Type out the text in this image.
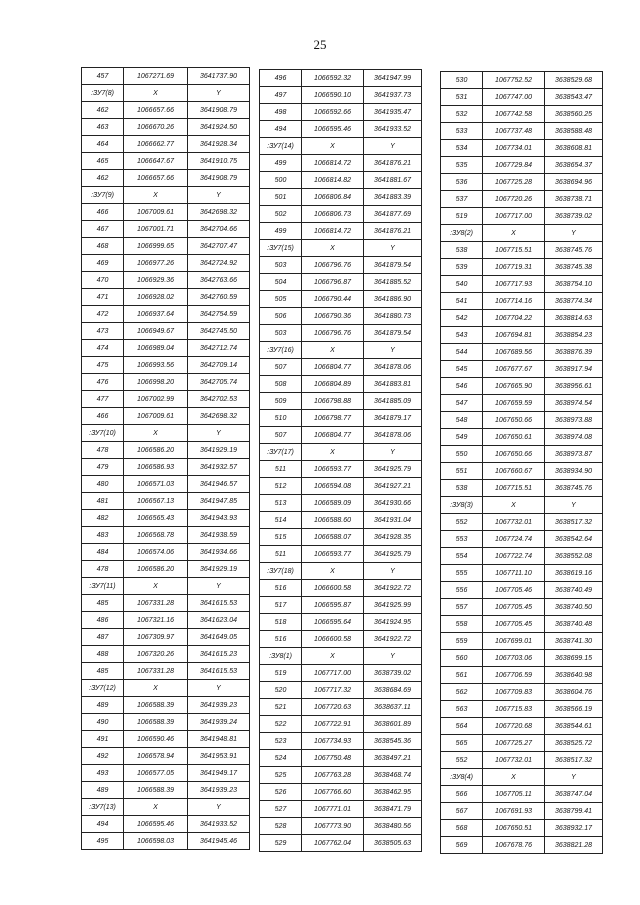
25
457	1067271.69	3641737.90
:ЗУ7(8)	X	Y
462	1066657.66	3641908.79
463	1066670.26	3641924.50
464	1066662.77	3641928.34
465	1066647.67	3641910.75
462	1066657.66	3641908.79
:ЗУ7(9)	X	Y
466	1067009.61	3642698.32
467	1067001.71	3642704.66
468	1066999.65	3642707.47
469	1066977.26	3642724.92
470	1066929.36	3642763.66
471	1066928.02	3642760.59
472	1066937.64	3642754.59
473	1066949.67	3642745.50
474	1066989.04	3642712.74
475	1066993.56	3642709.14
476	1066998.20	3642705.74
477	1067002.99	3642702.53
466	1067009.61	3642698.32
:ЗУ7(10)	X	Y
478	1066586.20	3641929.19
479	1066586.93	3641932.57
480	1066571.03	3641946.57
481	1066567.13	3641947.85
482	1066565.43	3641943.93
483	1066568.78	3641938.59
484	1066574.06	3641934.66
478	1066586.20	3641929.19
:ЗУ7(11)	X	Y
485	1067331.28	3641615.53
486	1067321.16	3641623.04
487	1067309.97	3641649.05
488	1067320.26	3641615.23
485	1067331.28	3641615.53
:ЗУ7(12)	X	Y
489	1066588.39	3641939.23
490	1066588.39	3641939.24
491	1066590.46	3641948.81
492	1066578.94	3641953.91
493	1066577.05	3641949.17
489	1066588.39	3641939.23
:ЗУ7(13)	X	Y
494	1066595.46	3641933.52
495	1066598.03	3641945.46
496	1066592.32	3641947.99
497	1066590.10	3641937.73
498	1066592.66	3641935.47
494	1066595.46	3641933.52
:ЗУ7(14)	X	Y
499	1066814.72	3641876.21
500	1066814.82	3641881.67
501	1066806.84	3641883.39
502	1066806.73	3641877.69
499	1066814.72	3641876.21
:ЗУ7(15)	X	Y
503	1066796.76	3641879.54
504	1066796.87	3641885.52
505	1066790.44	3641886.90
506	1066790.36	3641880.73
503	1066796.76	3641879.54
:ЗУ7(16)	X	Y
507	1066804.77	3641878.06
508	1066804.89	3641883.81
509	1066798.88	3641885.09
510	1066798.77	3641879.17
507	1066804.77	3641878.06
:ЗУ7(17)	X	Y
511	1066593.77	3641925.79
512	1066594.08	3641927.21
513	1066589.09	3641930.66
514	1066588.60	3641931.04
515	1066588.07	3641928.35
511	1066593.77	3641925.79
:ЗУ7(18)	X	Y
516	1066600.58	3641922.72
517	1066595.87	3641925.99
518	1066595.64	3641924.95
516	1066600.58	3641922.72
:ЗУ8(1)	X	Y
519	1067717.00	3638739.02
520	1067717.32	3638684.69
521	1067720.63	3638637.11
522	1067722.91	3638601.89
523	1067734.93	3638545.36
524	1067750.48	3638497.21
525	1067763.28	3638468.74
526	1067766.60	3638462.95
527	1067771.01	3638471.79
528	1067773.90	3638480.56
529	1067762.04	3638505.63
530	1067752.52	3638529.68
531	1067747.00	3638543.47
532	1067742.58	3638560.25
533	1067737.48	3638588.48
534	1067734.01	3638608.81
535	1067729.84	3638654.37
536	1067725.28	3638694.96
537	1067720.26	3638738.71
519	1067717.00	3638739.02
:ЗУ8(2)	X	Y
538	1067715.51	3638745.76
539	1067719.31	3638745.38
540	1067717.93	3638754.10
541	1067714.16	3638774.34
542	1067704.22	3638814.63
543	1067694.81	3638854.23
544	1067689.56	3638876.39
545	1067677.67	3638917.94
546	1067665.90	3638956.61
547	1067659.59	3638974.54
548	1067650.66	3638973.88
549	1067650.61	3638974.08
550	1067650.66	3638973.87
551	1067660.67	3638934.90
538	1067715.51	3638745.76
:ЗУ8(3)	X	Y
552	1067732.01	3638517.32
553	1067724.74	3638542.64
554	1067722.74	3638552.08
555	1067711.10	3638619.16
556	1067705.46	3638740.49
557	1067705.45	3638740.50
558	1067705.45	3638740.48
559	1067699.01	3638741.30
560	1067703.06	3638699.15
561	1067706.59	3638640.98
562	1067709.83	3638604.76
563	1067715.83	3638566.19
564	1067720.68	3638544.61
565	1067725.27	3638525.72
552	1067732.01	3638517.32
:ЗУ8(4)	X	Y
566	1067705.11	3638747.04
567	1067691.93	3638799.41
568	1067650.51	3638932.17
569	1067678.76	3638821.28
